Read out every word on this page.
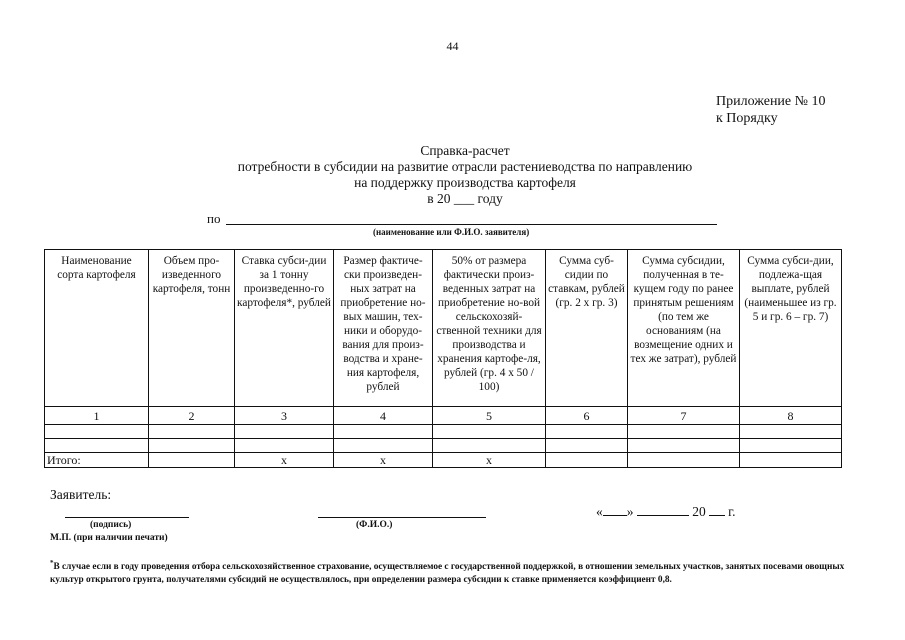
44
Приложение № 10
к Порядку
Справка-расчет
потребности в субсидии на развитие отрасли растениеводства по направлению
на поддержку производства картофеля
в 20 ___ году
по
(наименование или Ф.И.О. заявителя)
Наименование сорта картофеля	Объем про-изведенного картофеля, тонн	Ставка субси-дии за 1 тонну произведенно-го картофеля*, рублей	Размер фактиче-ски произведен-ных затрат на приобретение но-вых машин, тех-ники и оборудо-вания для произ-водства и хране-ния картофеля, рублей	50% от размера фактически произ-веденных затрат на приобретение но-вой сельскохозяй-ственной техники для производства и хранения картофе-ля, рублей (гр. 4 х 50 / 100)	Сумма суб-сидии по ставкам, рублей (гр. 2 х гр. 3)	Сумма субсидии, полученная в те-кущем году по ранее принятым решениям (по тем же основаниям (на возмещение одних и тех же затрат), рублей	Сумма субси-дии, подлежа-щая выплате, рублей (наименьшее из гр. 5 и гр. 6 – гр. 7)
1	2	3	4	5	6	7	8

Итого:		х	х	х			
Заявитель:
(подпись)	(Ф.И.О.)
М.П. (при наличии печати)
« »	20 г.
*В случае если в году проведения отбора сельскохозяйственное страхование, осуществляемое с государственной поддержкой, в отношении земельных участков, занятых посевами овощных культур открытого грунта, получателями субсидий не осуществлялось, при определении размера субсидии к ставке применяется коэффициент 0,8.
